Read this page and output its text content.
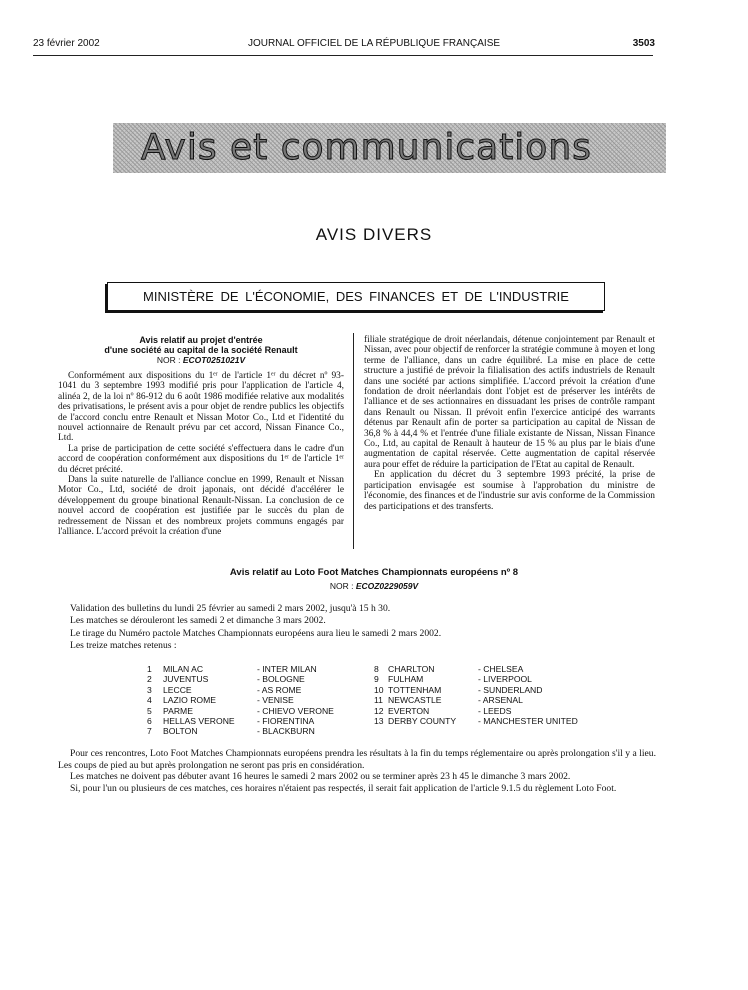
23 février 2002	JOURNAL OFFICIEL DE LA RÉPUBLIQUE FRANÇAISE	3503
Avis et communications
AVIS DIVERS
MINISTÈRE DE L'ÉCONOMIE, DES FINANCES ET DE L'INDUSTRIE
Avis relatif au projet d'entrée
d'une société au capital de la société Renault
NOR : ECOT0251021V

Conformément aux dispositions du 1ᵉʳ de l'article 1ᵉʳ du décret nº 93-1041 du 3 septembre 1993 modifié pris pour l'application de l'article 4, alinéa 2, de la loi nº 86-912 du 6 août 1986 modifiée relative aux modalités des privatisations, le présent avis a pour objet de rendre publics les objectifs de l'accord conclu entre Renault et Nissan Motor Co., Ltd et l'identité du nouvel actionnaire de Renault prévu par cet accord, Nissan Finance Co., Ltd.

La prise de participation de cette société s'effectuera dans le cadre d'un accord de coopération conformément aux dispositions du 1ᵉʳ de l'article 1ᵉʳ du décret précité.

Dans la suite naturelle de l'alliance conclue en 1999, Renault et Nissan Motor Co., Ltd, société de droit japonais, ont décidé d'accélérer le développement du groupe binational Renault-Nissan. La conclusion de ce nouvel accord de coopération est justifiée par le succès du plan de redressement de Nissan et des nombreux projets communs engagés par l'alliance. L'accord prévoit la création d'une

filiale stratégique de droit néerlandais, détenue conjointement par Renault et Nissan, avec pour objectif de renforcer la stratégie commune à moyen et long terme de l'alliance, dans un cadre équilibré. La mise en place de cette structure a justifié de prévoir la filialisation des actifs industriels de Renault dans une société par actions simplifiée. L'accord prévoit la création d'une fondation de droit néerlandais dont l'objet est de préserver les intérêts de l'alliance et de ses actionnaires en dissuadant les prises de contrôle rampant dans Renault ou Nissan. Il prévoit enfin l'exercice anticipé des warrants détenus par Renault afin de porter sa participation au capital de Nissan de 36,8 % à 44,4 % et l'entrée d'une filiale existante de Nissan, Nissan Finance Co., Ltd, au capital de Renault à hauteur de 15 % au plus par le biais d'une augmentation de capital réservée. Cette augmentation de capital réservée aura pour effet de réduire la participation de l'Etat au capital de Renault.

En application du décret du 3 septembre 1993 précité, la prise de participation envisagée est soumise à l'approbation du ministre de l'économie, des finances et de l'industrie sur avis conforme de la Commission des participations et des transferts.

Avis relatif au Loto Foot Matches Championnats européens nº 8
NOR : ECOZ0229059V
Validation des bulletins du lundi 25 février au samedi 2 mars 2002, jusqu'à 15 h 30.
Les matches se dérouleront les samedi 2 et dimanche 3 mars 2002.
Le tirage du Numéro pactole Matches Championnats européens aura lieu le samedi 2 mars 2002.
Les treize matches retenus :
1 MILAN AC	- INTER MILAN
2 JUVENTUS	- BOLOGNE
3 LECCE	- AS ROME
4 LAZIO ROME	- VENISE
5 PARME	- CHIEVO VERONE
6 HELLAS VERONE	- FIORENTINA
7 BOLTON	- BLACKBURN
8 CHARLTON	- CHELSEA
9 FULHAM	- LIVERPOOL
10 TOTTENHAM	- SUNDERLAND
11 NEWCASTLE	- ARSENAL
12 EVERTON	- LEEDS
13 DERBY COUNTY	- MANCHESTER UNITED

Pour ces rencontres, Loto Foot Matches Championnats européens prendra les résultats à la fin du temps réglementaire ou après prolongation s'il y a lieu. Les coups de pied au but après prolongation ne seront pas pris en considération.

Les matches ne doivent pas débuter avant 16 heures le samedi 2 mars 2002 ou se terminer après 23 h 45 le dimanche 3 mars 2002.

Si, pour l'un ou plusieurs de ces matches, ces horaires n'étaient pas respectés, il serait fait application de l'article 9.1.5 du règlement Loto Foot.
